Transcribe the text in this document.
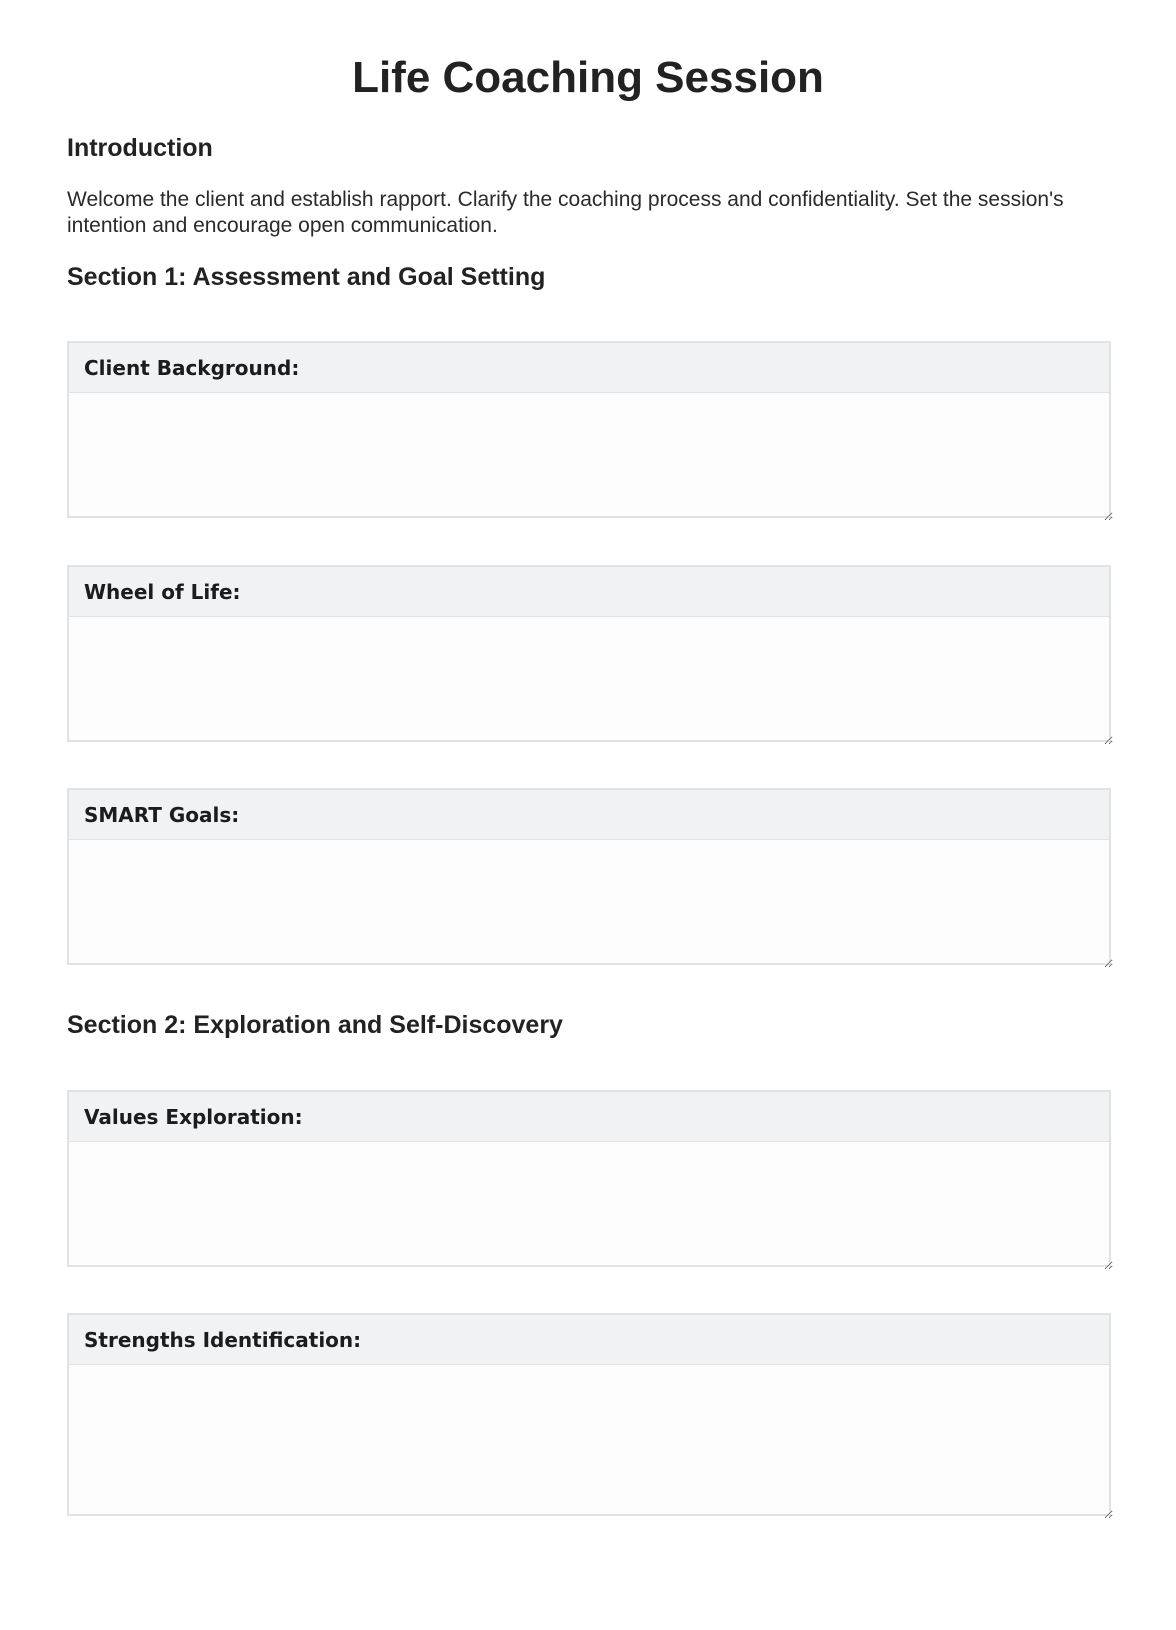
Life Coaching Session
Introduction

Welcome the client and establish rapport. Clarify the coaching process and confidentiality. Set the session's intention and encourage open communication.

Section 1: Assessment and Goal Setting
Client Background:
Wheel of Life:
SMART Goals:
Section 2: Exploration and Self-Discovery
Values Exploration:
Strengths Identification:
